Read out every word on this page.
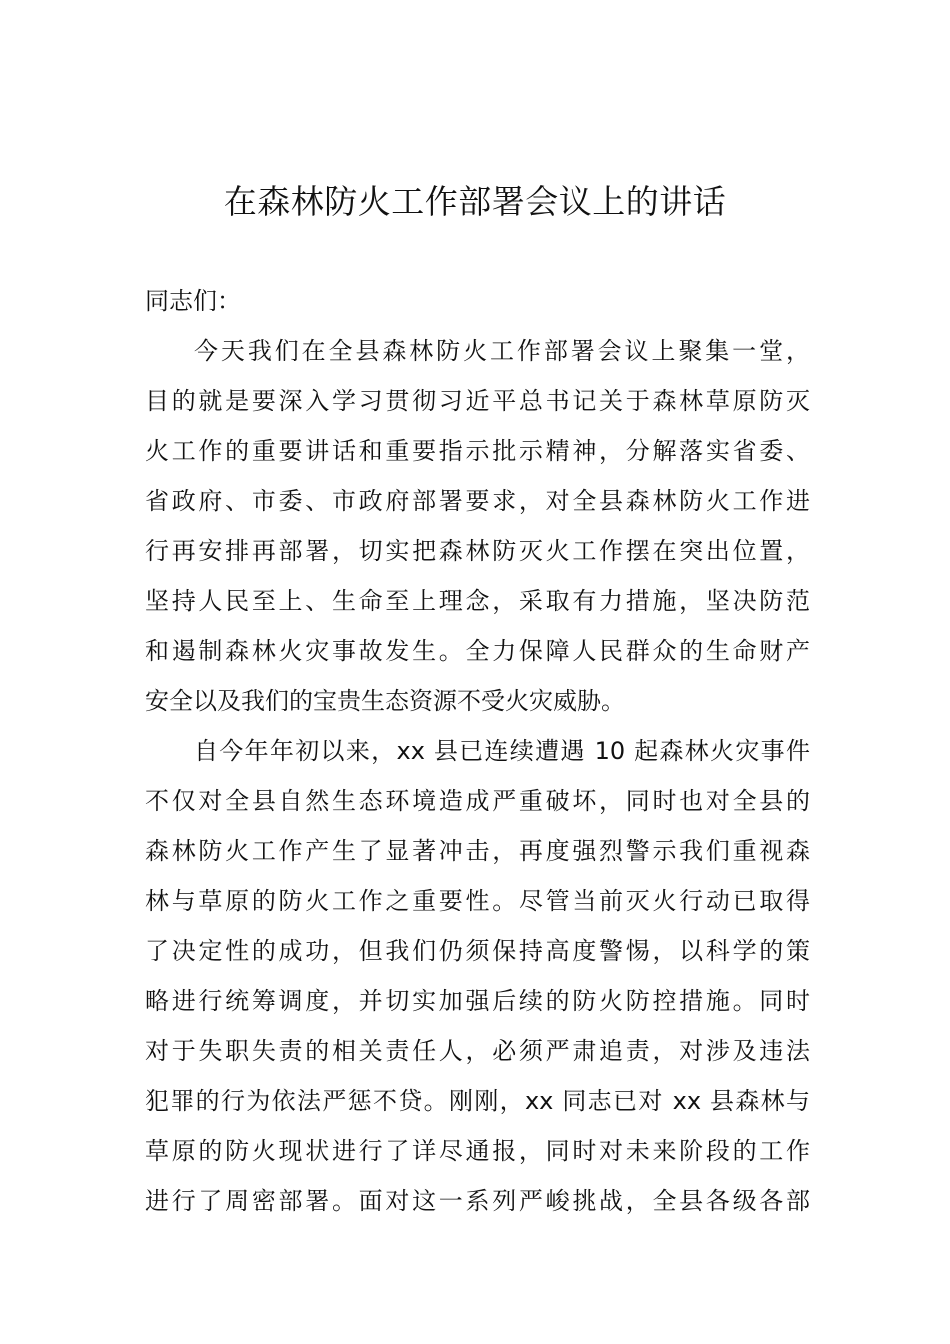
在森林防火工作部署会议上的讲话
同志们：
今天我们在全县森林防火工作部署会议上聚集一堂，
目的就是要深入学习贯彻习近平总书记关于森林草原防灭
火工作的重要讲话和重要指示批示精神，分解落实省委、
省政府、市委、市政府部署要求，对全县森林防火工作进
行再安排再部署，切实把森林防灭火工作摆在突出位置，
坚持人民至上、生命至上理念，采取有力措施，坚决防范
和遏制森林火灾事故发生。全力保障人民群众的生命财产
安全以及我们的宝贵生态资源不受火灾威胁。
自今年年初以来，xx 县已连续遭遇 10 起森林火灾事件
不仅对全县自然生态环境造成严重破坏，同时也对全县的
森林防火工作产生了显著冲击，再度强烈警示我们重视森
林与草原的防火工作之重要性。尽管当前灭火行动已取得
了决定性的成功，但我们仍须保持高度警惕，以科学的策
略进行统筹调度，并切实加强后续的防火防控措施。同时
对于失职失责的相关责任人，必须严肃追责，对涉及违法
犯罪的行为依法严惩不贷。刚刚，xx 同志已对 xx 县森林与
草原的防火现状进行了详尽通报，同时对未来阶段的工作
进行了周密部署。面对这一系列严峻挑战，全县各级各部
